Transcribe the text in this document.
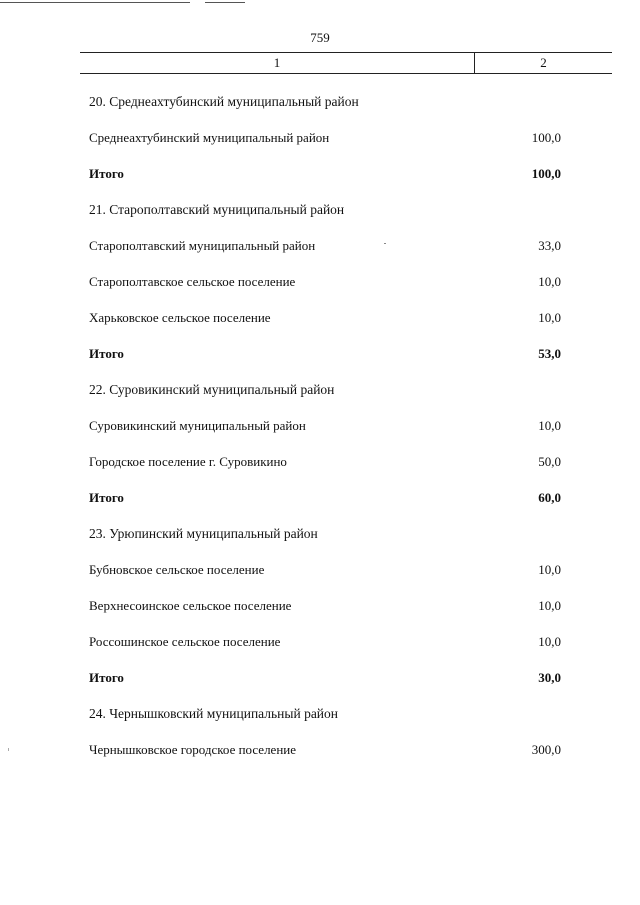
759
1	2
20. Среднеахтубинский муниципальный район
Среднеахтубинский муниципальный район	100,0
Итого	100,0
21. Старополтавский муниципальный район
Старополтавский муниципальный район	33,0
Старополтавское сельское поселение	10,0
Харьковское сельское поселение	10,0
Итого	53,0
22. Суровикинский муниципальный район
Суровикинский муниципальный район	10,0
Городское поселение г. Суровикино	50,0
Итого	60,0
23. Урюпинский муниципальный район
Бубновское сельское поселение	10,0
Верхнесоинское сельское поселение	10,0
Россошинское сельское поселение	10,0
Итого	30,0
24. Чернышковский муниципальный район
Чернышковское городское поселение	300,0
